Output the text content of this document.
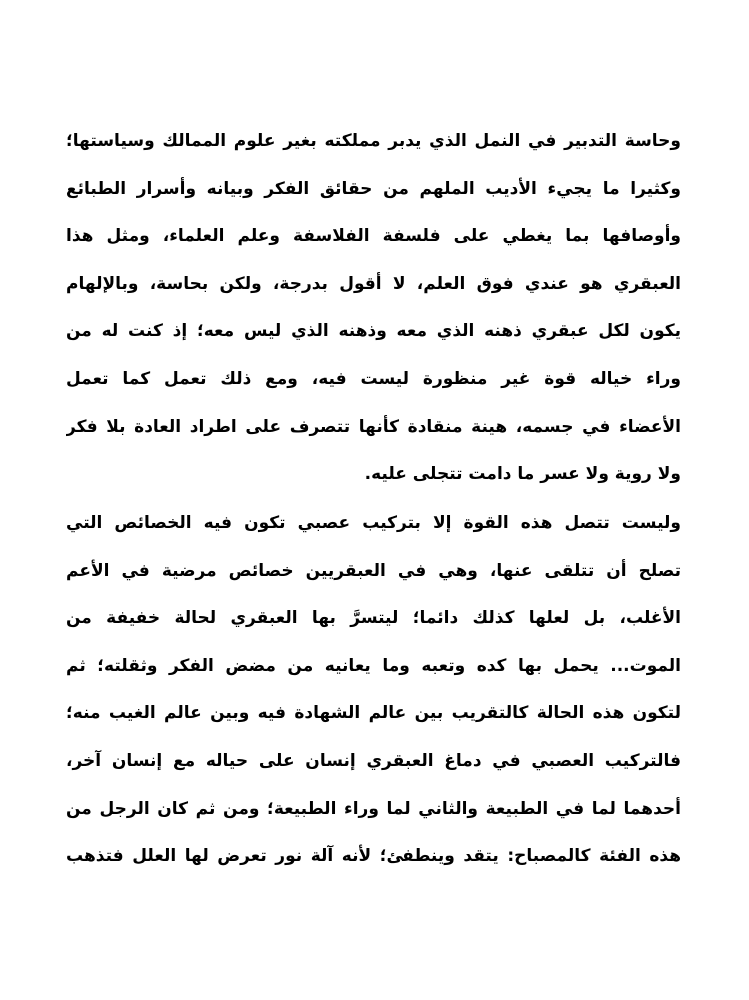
وحاسة التدبير في النمل الذي يدبر مملكته بغير علوم الممالك وسياستها؛
وكثيرا ما يجيء الأديب الملهم من حقائق الفكر وبيانه وأسرار الطبائع
وأوصافها بما يغطي على فلسفة الفلاسفة وعلم العلماء، ومثل هذا
العبقري هو عندي فوق العلم، لا أقول بدرجة، ولكن بحاسة، وبالإلهام
يكون لكل عبقري ذهنه الذي معه وذهنه الذي ليس معه؛ إذ كنت له من
وراء خياله قوة غير منظورة ليست فيه، ومع ذلك تعمل كما تعمل
الأعضاء في جسمه، هينة منقادة كأنها تتصرف على اطراد العادة بلا فكر
ولا روية ولا عسر ما دامت تتجلى عليه.
وليست تتصل هذه القوة إلا بتركيب عصبي تكون فيه الخصائص التي
تصلح أن تتلقى عنها، وهي في العبقريين خصائص مرضية في الأعم
الأغلب، بل لعلها كذلك دائما؛ ليتسرَّ بها العبقري لحالة خفيفة من
الموت... يحمل بها كده وتعبه وما يعانيه من مضض الفكر وثقلته؛ ثم
لتكون هذه الحالة كالتقريب بين عالم الشهادة فيه وبين عالم الغيب منه؛
فالتركيب العصبي في دماغ العبقري إنسان على حياله مع إنسان آخر،
أحدهما لما في الطبيعة والثاني لما وراء الطبيعة؛ ومن ثم كان الرجل من
هذه الفئة كالمصباح: يتقد وينطفئ؛ لأنه آلة نور تعرض لها العلل فتذهب
